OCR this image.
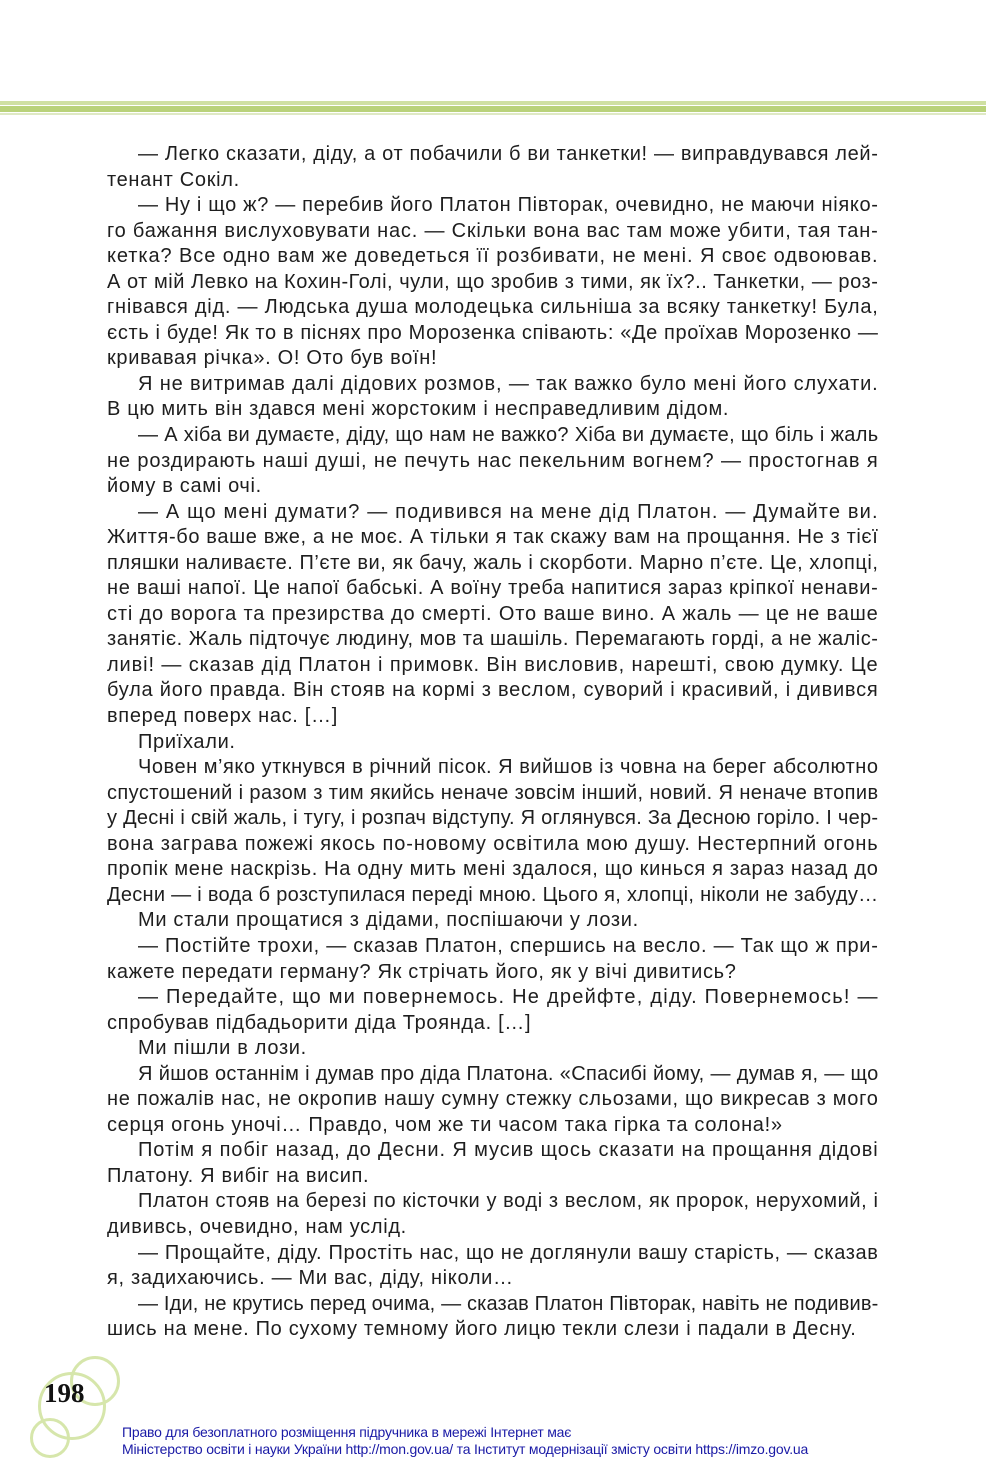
— Легко сказати, діду, а от побачили б ви танкетки! — виправдувався лей-
тенант Сокіл.
— Ну і що ж? — перебив його Платон Півторак, очевидно, не маючи ніяко-
го бажання вислуховувати нас. — Скільки вона вас там може убити, тая тан-
кетка? Все одно вам же доведеться її розбивати, не мені. Я своє одвоював.
А от мій Левко на Кохин-Голі, чули, що зробив з тими, як їх?.. Танкетки, — роз-
гнівався дід. — Людська душа молодецька сильніша за всяку танкетку! Була,
єсть і буде! Як то в піснях про Морозенка співають: «Де проїхав Морозенко —
кривавая річка». О! Ото був воїн!
Я не витримав далі дідових розмов, — так важко було мені його слухати.
В цю мить він здався мені жорстоким і несправедливим дідом.
— А хіба ви думаєте, діду, що нам не важко? Хіба ви думаєте, що біль і жаль
не роздирають наші душі, не печуть нас пекельним вогнем? — простогнав я
йому в самі очі.
— А що мені думати? — подивився на мене дід Платон. — Думайте ви.
Життя-бо ваше вже, а не моє. А тільки я так скажу вам на прощання. Не з тієї
пляшки наливаєте. П’єте ви, як бачу, жаль і скорботи. Марно п’єте. Це, хлопці,
не ваші напої. Це напої бабські. А воїну треба напитися зараз кріпкої ненави-
сті до ворога та презирства до смерті. Ото ваше вино. А жаль — це не ваше
занятіє. Жаль підточує людину, мов та шашіль. Перемагають горді, а не жаліс-
ливі! — сказав дід Платон і примовк. Він висловив, нарешті, свою думку. Це
була його правда. Він стояв на кормі з веслом, суворий і красивий, і дивився
вперед поверх нас. […]
Приїхали.
Човен м’яко уткнувся в річний пісок. Я вийшов із човна на берег абсолютно
спустошений і разом з тим якийсь неначе зовсім інший, новий. Я неначе втопив
у Десні і свій жаль, і тугу, і розпач відступу. Я оглянувся. За Десною горіло. І чер-
вона заграва пожежі якось по-новому освітила мою душу. Нестерпний огонь
пропік мене наскрізь. На одну мить мені здалося, що кинься я зараз назад до
Десни — і вода б розступилася переді мною. Цього я, хлопці, ніколи не забуду…
Ми стали прощатися з дідами, поспішаючи у лози.
— Постійте трохи, — сказав Платон, спершись на весло. — Так що ж при-
кажете передати герману? Як стрічать його, як у вічі дивитись?
— Передайте, що ми повернемось. Не дрейфте, діду. Повернемось! —
спробував підбадьорити діда Троянда. […]
Ми пішли в лози.
Я йшов останнім і думав про діда Платона. «Спасибі йому, — думав я, — що
не пожалів нас, не окропив нашу сумну стежку сльозами, що викресав з мого
серця огонь уночі… Правдо, чом же ти часом така гірка та солона!»
Потім я побіг назад, до Десни. Я мусив щось сказати на прощання дідові
Платону. Я вибіг на висип.
Платон стояв на березі по кісточки у воді з веслом, як пророк, нерухомий, і
дививсь, очевидно, нам услід.
— Прощайте, діду. Простіть нас, що не доглянули вашу старість, — сказав
я, задихаючись. — Ми вас, діду, ніколи…
— Іди, не крутись перед очима, — сказав Платон Півторак, навіть не подивив-
шись на мене. По сухому темному його лицю текли слези і падали в Десну.
198
Право для безоплатного розміщення підручника в мережі Інтернет має
Міністерство освіти і науки України http://mon.gov.ua/ та Інститут модернізації змісту освіти https://imzo.gov.ua
